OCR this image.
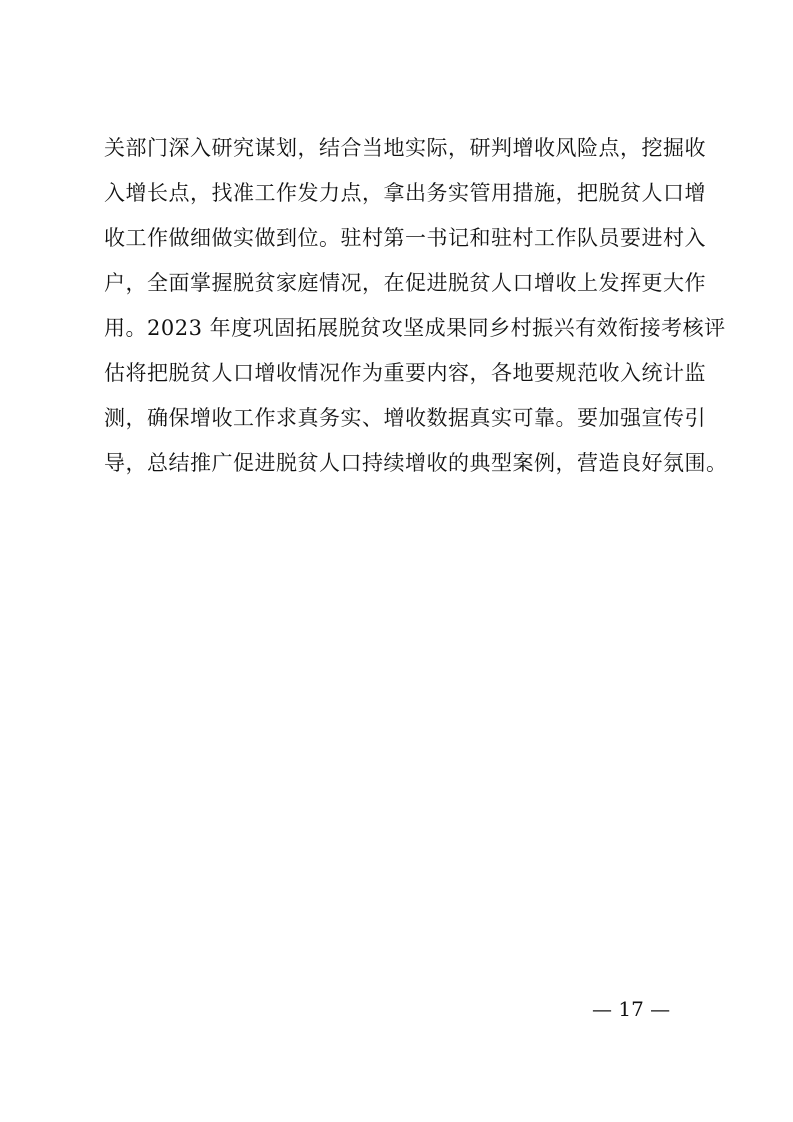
关部门深入研究谋划，结合当地实际，研判增收风险点，挖掘收
入增长点，找准工作发力点，拿出务实管用措施，把脱贫人口增
收工作做细做实做到位。驻村第一书记和驻村工作队员要进村入
户，全面掌握脱贫家庭情况，在促进脱贫人口增收上发挥更大作
用。2023 年度巩固拓展脱贫攻坚成果同乡村振兴有效衔接考核评
估将把脱贫人口增收情况作为重要内容，各地要规范收入统计监
测，确保增收工作求真务实、增收数据真实可靠。要加强宣传引
导，总结推广促进脱贫人口持续增收的典型案例，营造良好氛围。
— 17 —
